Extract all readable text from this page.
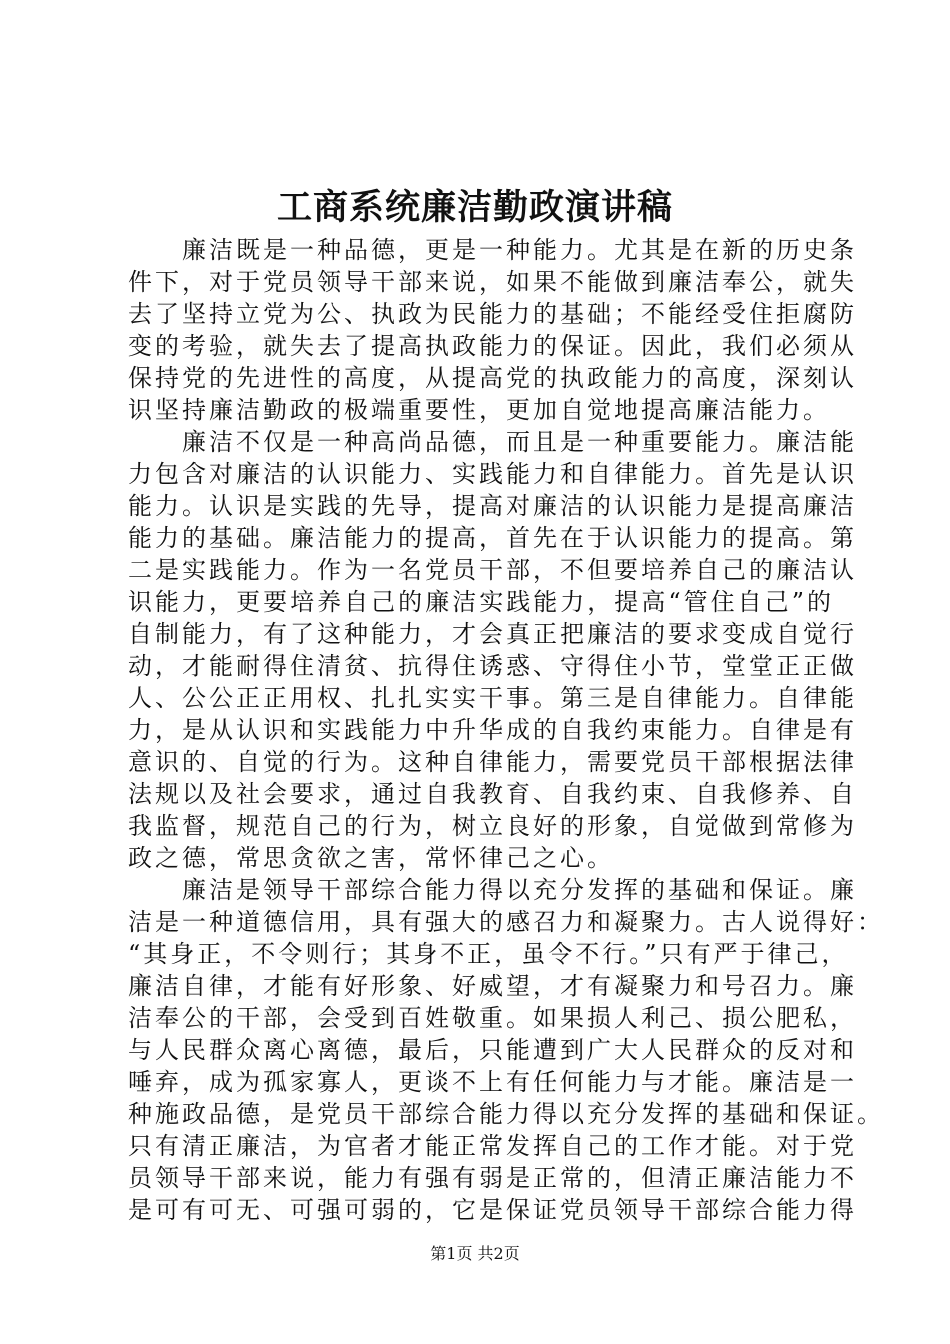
工商系统廉洁勤政演讲稿
廉洁既是一种品德，更是一种能力。尤其是在新的历史条
件下，对于党员领导干部来说，如果不能做到廉洁奉公，就失
去了坚持立党为公、执政为民能力的基础；不能经受住拒腐防
变的考验，就失去了提高执政能力的保证。因此，我们必须从
保持党的先进性的高度，从提高党的执政能力的高度，深刻认
识坚持廉洁勤政的极端重要性，更加自觉地提高廉洁能力。
廉洁不仅是一种高尚品德，而且是一种重要能力。廉洁能
力包含对廉洁的认识能力、实践能力和自律能力。首先是认识
能力。认识是实践的先导，提高对廉洁的认识能力是提高廉洁
能力的基础。廉洁能力的提高，首先在于认识能力的提高。第
二是实践能力。作为一名党员干部，不但要培养自己的廉洁认
识能力，更要培养自己的廉洁实践能力，提高“管住自己”的
自制能力，有了这种能力，才会真正把廉洁的要求变成自觉行
动，才能耐得住清贫、抗得住诱惑、守得住小节，堂堂正正做
人、公公正正用权、扎扎实实干事。第三是自律能力。自律能
力，是从认识和实践能力中升华成的自我约束能力。自律是有
意识的、自觉的行为。这种自律能力，需要党员干部根据法律
法规以及社会要求，通过自我教育、自我约束、自我修养、自
我监督，规范自己的行为，树立良好的形象，自觉做到常修为
政之德，常思贪欲之害，常怀律己之心。
廉洁是领导干部综合能力得以充分发挥的基础和保证。廉
洁是一种道德信用，具有强大的感召力和凝聚力。古人说得好：
“其身正，不令则行；其身不正，虽令不行。”只有严于律己，
廉洁自律，才能有好形象、好威望，才有凝聚力和号召力。廉
洁奉公的干部，会受到百姓敬重。如果损人利己、损公肥私，
与人民群众离心离德，最后，只能遭到广大人民群众的反对和
唾弃，成为孤家寡人，更谈不上有任何能力与才能。廉洁是一
种施政品德，是党员干部综合能力得以充分发挥的基础和保证。
只有清正廉洁，为官者才能正常发挥自己的工作才能。对于党
员领导干部来说，能力有强有弱是正常的，但清正廉洁能力不
是可有可无、可强可弱的，它是保证党员领导干部综合能力得
第1页 共2页
